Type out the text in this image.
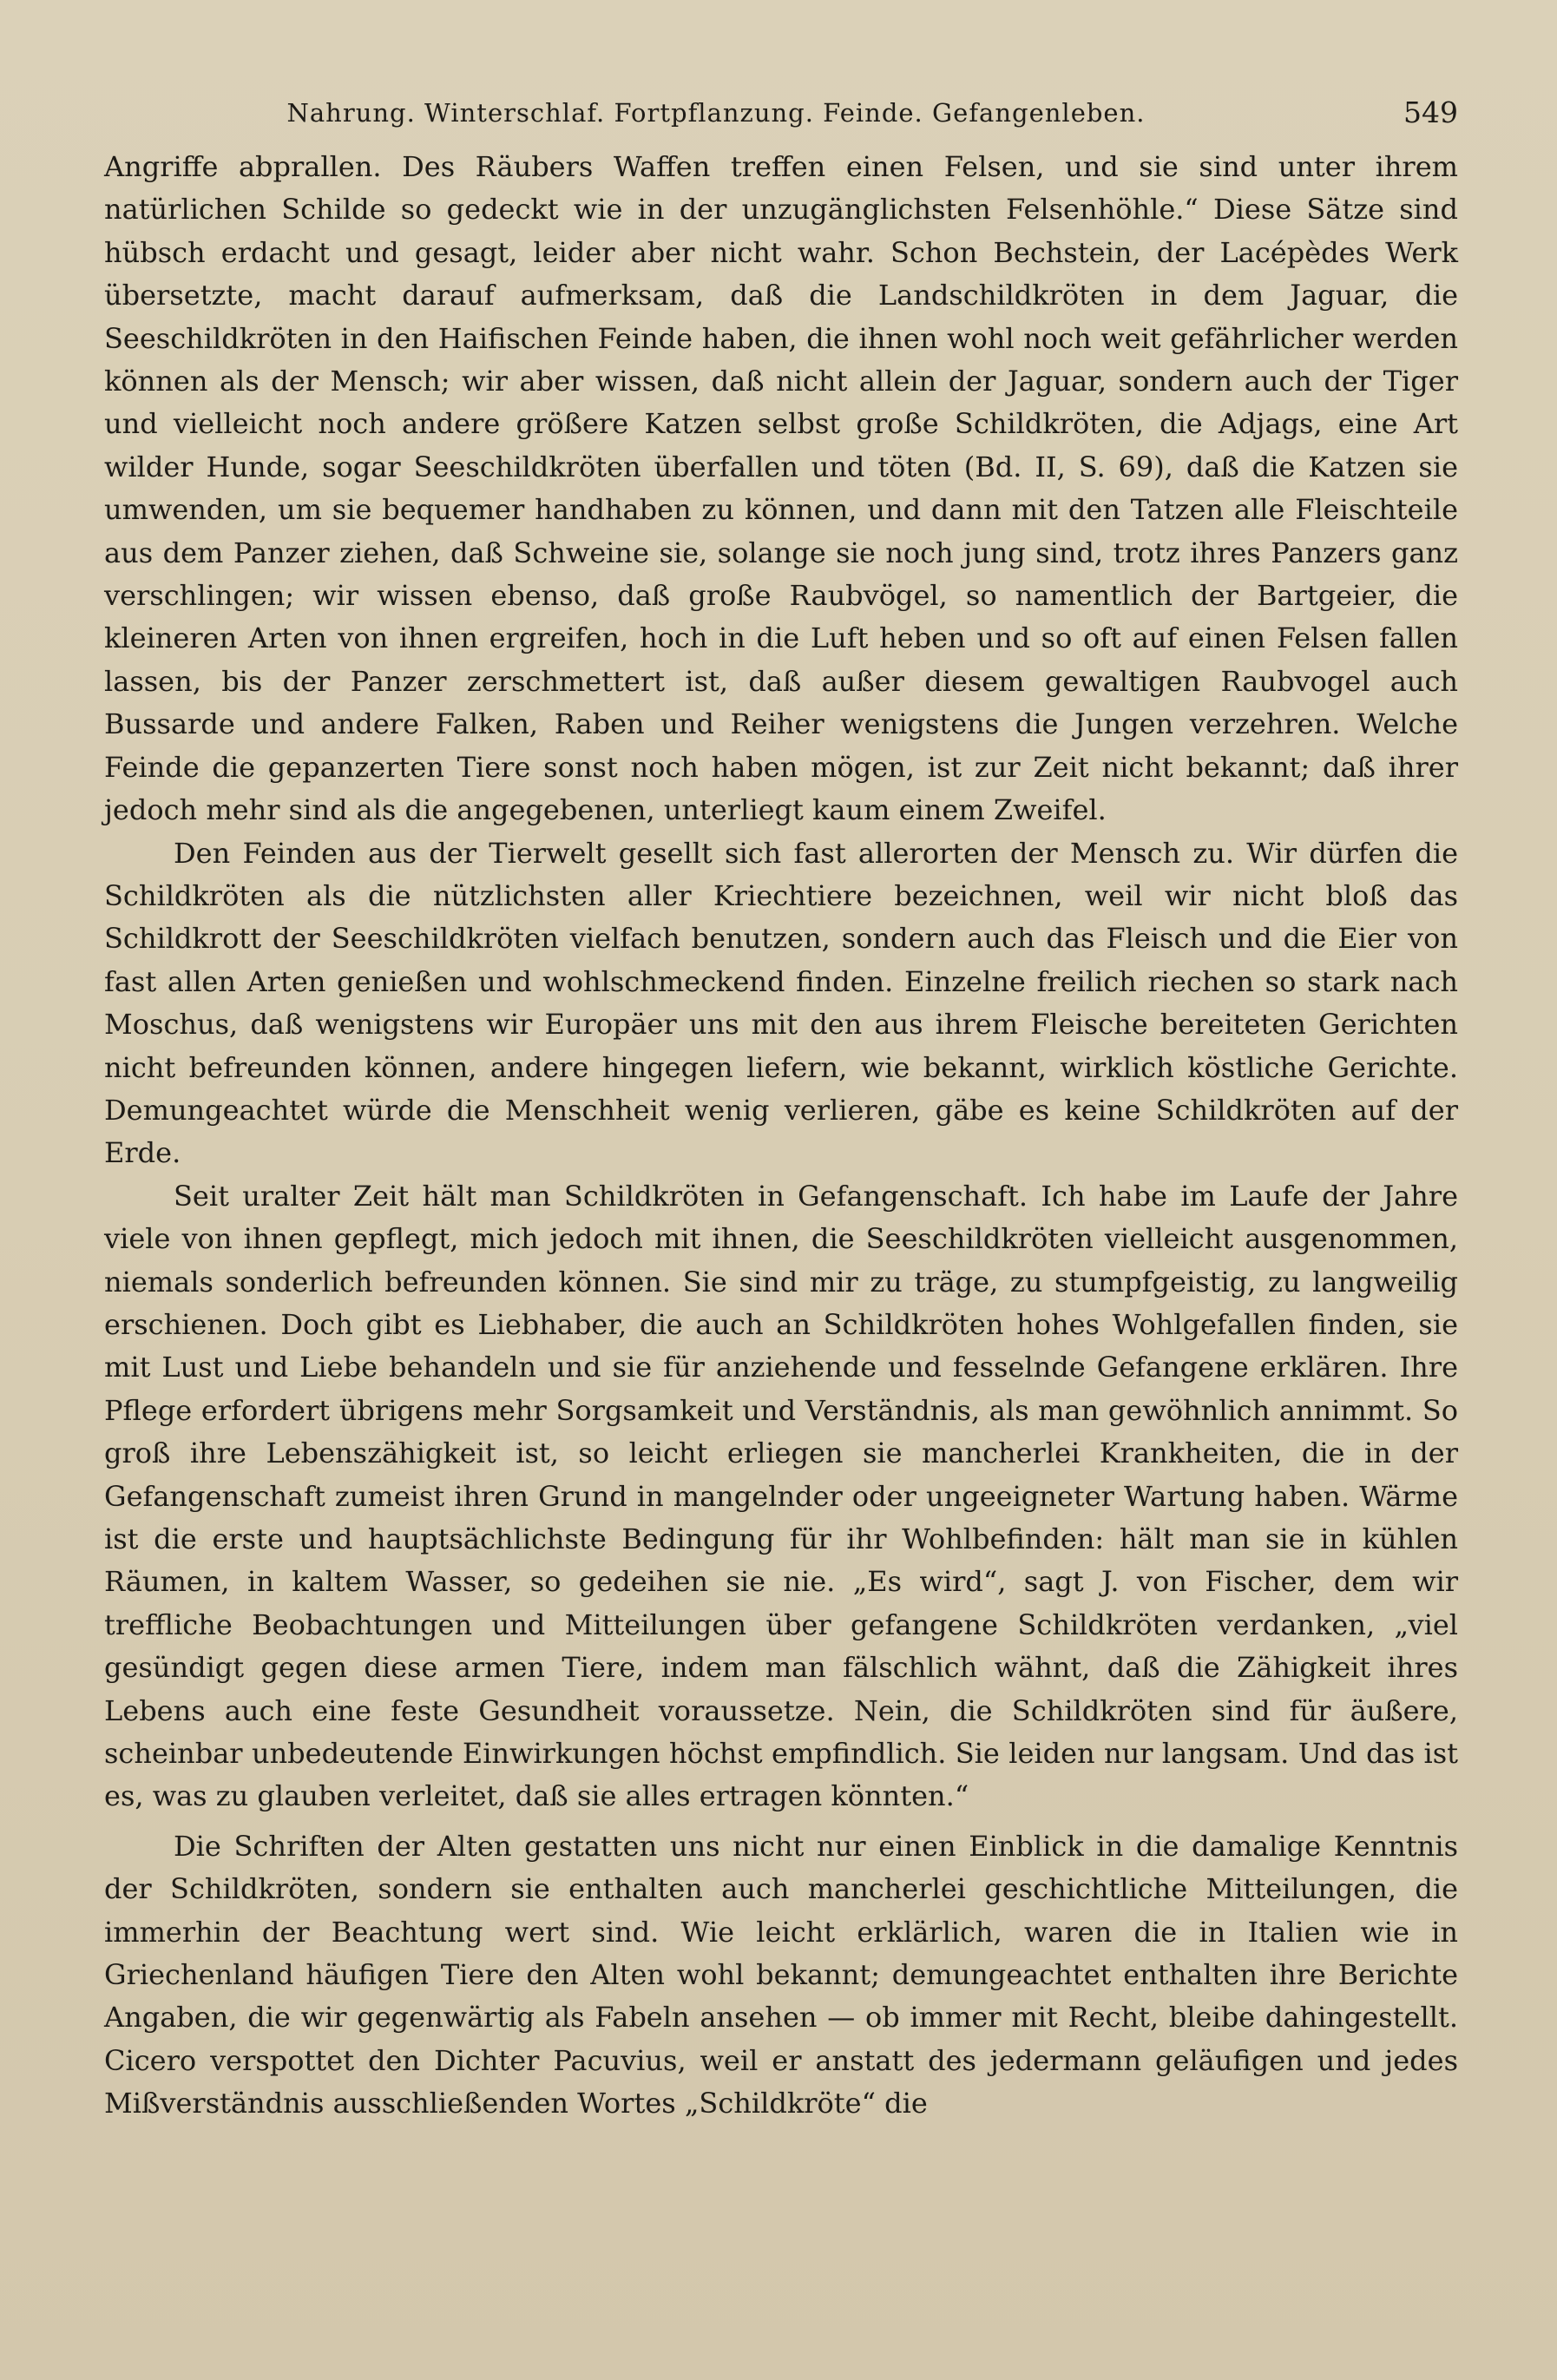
Nahrung. Winterschlaf. Fortpflanzung. Feinde. Gefangenleben.	549

Angriffe abprallen. Des Räubers Waffen treffen einen Felsen, und sie sind unter ihrem natürlichen Schilde so gedeckt wie in der unzugänglichsten Felsenhöhle.“ Diese Sätze sind hübsch erdacht und gesagt, leider aber nicht wahr. Schon Bechstein, der Lacépèdes Werk übersetzte, macht darauf aufmerksam, daß die Landschildkröten in dem Jaguar, die Seeschildkröten in den Haifischen Feinde haben, die ihnen wohl noch weit gefährlicher werden können als der Mensch; wir aber wissen, daß nicht allein der Jaguar, sondern auch der Tiger und vielleicht noch andere größere Katzen selbst große Schildkröten, die Adjags, eine Art wilder Hunde, sogar Seeschildkröten überfallen und töten (Bd. II, S. 69), daß die Katzen sie umwenden, um sie bequemer handhaben zu können, und dann mit den Tatzen alle Fleischteile aus dem Panzer ziehen, daß Schweine sie, solange sie noch jung sind, trotz ihres Panzers ganz verschlingen; wir wissen ebenso, daß große Raubvögel, so namentlich der Bartgeier, die kleineren Arten von ihnen ergreifen, hoch in die Luft heben und so oft auf einen Felsen fallen lassen, bis der Panzer zerschmettert ist, daß außer diesem gewaltigen Raubvogel auch Bussarde und andere Falken, Raben und Reiher wenigstens die Jungen verzehren. Welche Feinde die gepanzerten Tiere sonst noch haben mögen, ist zur Zeit nicht bekannt; daß ihrer jedoch mehr sind als die angegebenen, unterliegt kaum einem Zweifel.

Den Feinden aus der Tierwelt gesellt sich fast allerorten der Mensch zu. Wir dürfen die Schildkröten als die nützlichsten aller Kriechtiere bezeichnen, weil wir nicht bloß das Schildkrott der Seeschildkröten vielfach benutzen, sondern auch das Fleisch und die Eier von fast allen Arten genießen und wohlschmeckend finden. Einzelne freilich riechen so stark nach Moschus, daß wenigstens wir Europäer uns mit den aus ihrem Fleische bereiteten Gerichten nicht befreunden können, andere hingegen liefern, wie bekannt, wirklich köstliche Gerichte. Demungeachtet würde die Menschheit wenig verlieren, gäbe es keine Schildkröten auf der Erde.

Seit uralter Zeit hält man Schildkröten in Gefangenschaft. Ich habe im Laufe der Jahre viele von ihnen gepflegt, mich jedoch mit ihnen, die Seeschildkröten vielleicht ausgenommen, niemals sonderlich befreunden können. Sie sind mir zu träge, zu stumpfgeistig, zu langweilig erschienen. Doch gibt es Liebhaber, die auch an Schildkröten hohes Wohlgefallen finden, sie mit Lust und Liebe behandeln und sie für anziehende und fesselnde Gefangene erklären. Ihre Pflege erfordert übrigens mehr Sorgsamkeit und Verständnis, als man gewöhnlich annimmt. So groß ihre Lebenszähigkeit ist, so leicht erliegen sie mancherlei Krankheiten, die in der Gefangenschaft zumeist ihren Grund in mangelnder oder ungeeigneter Wartung haben. Wärme ist die erste und hauptsächlichste Bedingung für ihr Wohlbefinden: hält man sie in kühlen Räumen, in kaltem Wasser, so gedeihen sie nie. „Es wird“, sagt J. von Fischer, dem wir treffliche Beobachtungen und Mitteilungen über gefangene Schildkröten verdanken, „viel gesündigt gegen diese armen Tiere, indem man fälschlich wähnt, daß die Zähigkeit ihres Lebens auch eine feste Gesundheit voraussetze. Nein, die Schildkröten sind für äußere, scheinbar unbedeutende Einwirkungen höchst empfindlich. Sie leiden nur langsam. Und das ist es, was zu glauben verleitet, daß sie alles ertragen könnten.“

Die Schriften der Alten gestatten uns nicht nur einen Einblick in die damalige Kenntnis der Schildkröten, sondern sie enthalten auch mancherlei geschichtliche Mitteilungen, die immerhin der Beachtung wert sind. Wie leicht erklärlich, waren die in Italien wie in Griechenland häufigen Tiere den Alten wohl bekannt; demungeachtet enthalten ihre Berichte Angaben, die wir gegenwärtig als Fabeln ansehen — ob immer mit Recht, bleibe dahingestellt. Cicero verspottet den Dichter Pacuvius, weil er anstatt des jedermann geläufigen und jedes Mißverständnis ausschließenden Wortes „Schildkröte“ die
